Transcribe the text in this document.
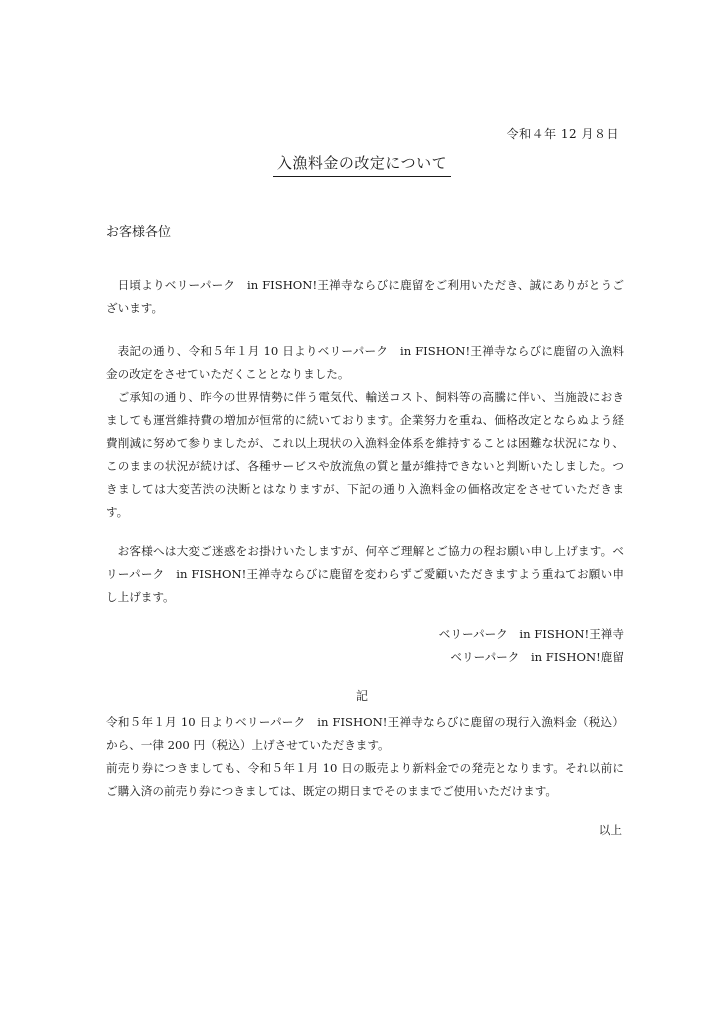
令和４年 12 月８日
入漁料金の改定について
お客様各位

日頃よりベリーパーク　in FISHON!王禅寺ならびに鹿留をご利用いただき、誠にありがとうございます。

表記の通り、令和５年１月 10 日よりベリーパーク　in FISHON!王禅寺ならびに鹿留の入漁料金の改定をさせていただくこととなりました。

ご承知の通り、昨今の世界情勢に伴う電気代、輸送コスト、飼料等の高騰に伴い、当施設におきましても運営維持費の増加が恒常的に続いております。企業努力を重ね、価格改定とならぬよう経費削減に努めて参りましたが、これ以上現状の入漁料金体系を維持することは困難な状況になり、このままの状況が続けば、各種サービスや放流魚の質と量が維持できないと判断いたしました。つきましては大変苦渋の決断とはなりますが、下記の通り入漁料金の価格改定をさせていただきます。

お客様へは大変ご迷惑をお掛けいたしますが、何卒ご理解とご協力の程お願い申し上げます。ベリーパーク　in FISHON!王禅寺ならびに鹿留を変わらずご愛顧いただきますよう重ねてお願い申し上げます。

ベリーパーク　in FISHON!王禅寺
ベリーパーク　in FISHON!鹿留
記

令和５年１月 10 日よりベリーパーク　in FISHON!王禅寺ならびに鹿留の現行入漁料金（税込）から、一律 200 円（税込）上げさせていただきます。

前売り券につきましても、令和５年１月 10 日の販売より新料金での発売となります。それ以前にご購入済の前売り券につきましては、既定の期日までそのままでご使用いただけます。

以上
